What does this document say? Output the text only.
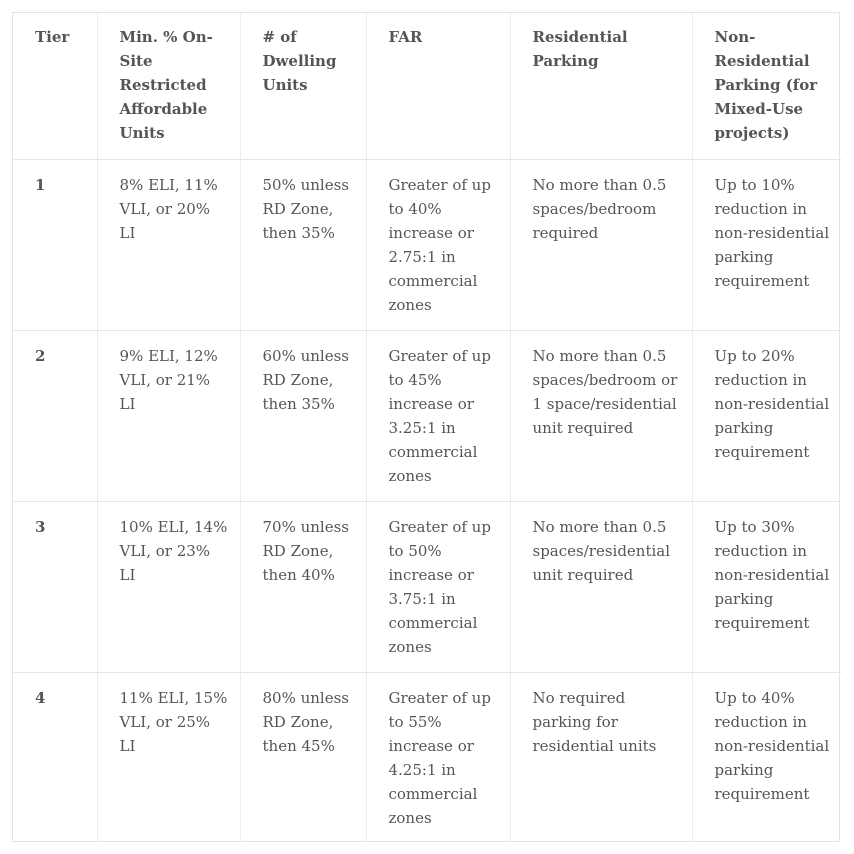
Tier	Min. % On-Site Restricted Affordable Units	# of Dwelling Units	FAR	Residential Parking	Non-Residential Parking (for Mixed-Use projects)
1	8% ELI, 11% VLI, or 20% LI	50% unless RD Zone, then 35%	Greater of up to 40% increase or 2.75:1 in commercial zones	No more than 0.5 spaces/bedroom required	Up to 10% reduction in non-residential parking requirement
2	9% ELI, 12% VLI, or 21% LI	60% unless RD Zone, then 35%	Greater of up to 45% increase or 3.25:1 in commercial zones	No more than 0.5 spaces/bedroom or 1 space/residential unit required	Up to 20% reduction in non-residential parking requirement
3	10% ELI, 14% VLI, or 23% LI	70% unless RD Zone, then 40%	Greater of up to 50% increase or 3.75:1 in commercial zones	No more than 0.5 spaces/residential unit required	Up to 30% reduction in non-residential parking requirement
4	11% ELI, 15% VLI, or 25% LI	80% unless RD Zone, then 45%	Greater of up to 55% increase or 4.25:1 in commercial zones	No required parking for residential units	Up to 40% reduction in non-residential parking requirement
